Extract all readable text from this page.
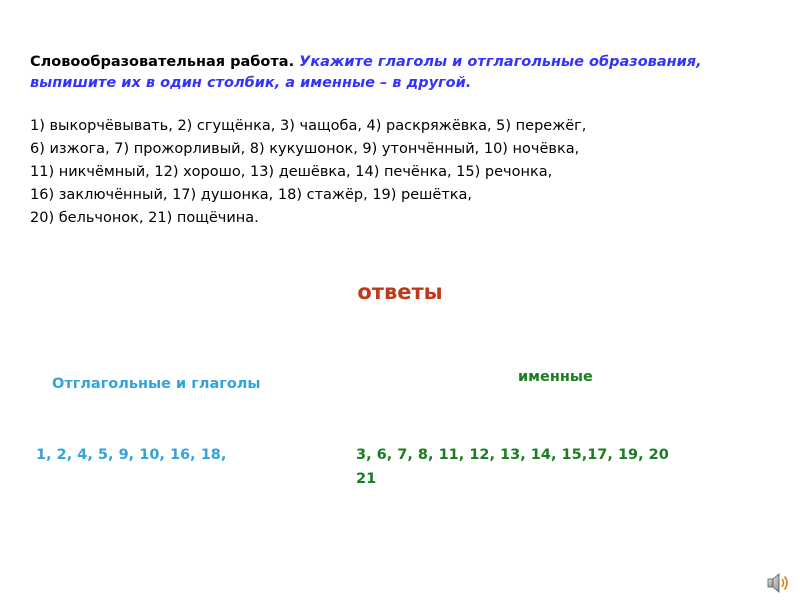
Словообразовательная работа. Укажите глаголы и отглагольные образования, выпишите их в один столбик, а именные – в другой.

1) выкорчёвывать, 2) сгущёнка, 3) чащоба, 4) раскряжёвка, 5) пережёг,
6) изжога, 7) прожорливый, 8) кукушонок, 9) утончённый, 10) ночёвка,
11) никчёмный, 12) хорошо, 13) дешёвка, 14) печёнка, 15) речонка,
16) заключённый, 17) душонка, 18) стажёр, 19) решётка,
20) бельчонок, 21) пощёчина.
ответы
Отглагольные и глаголы	именные
1, 2, 4, 5, 9, 10, 16, 18,	3, 6, 7, 8, 11, 12, 13, 14, 15,17, 19, 20
21
